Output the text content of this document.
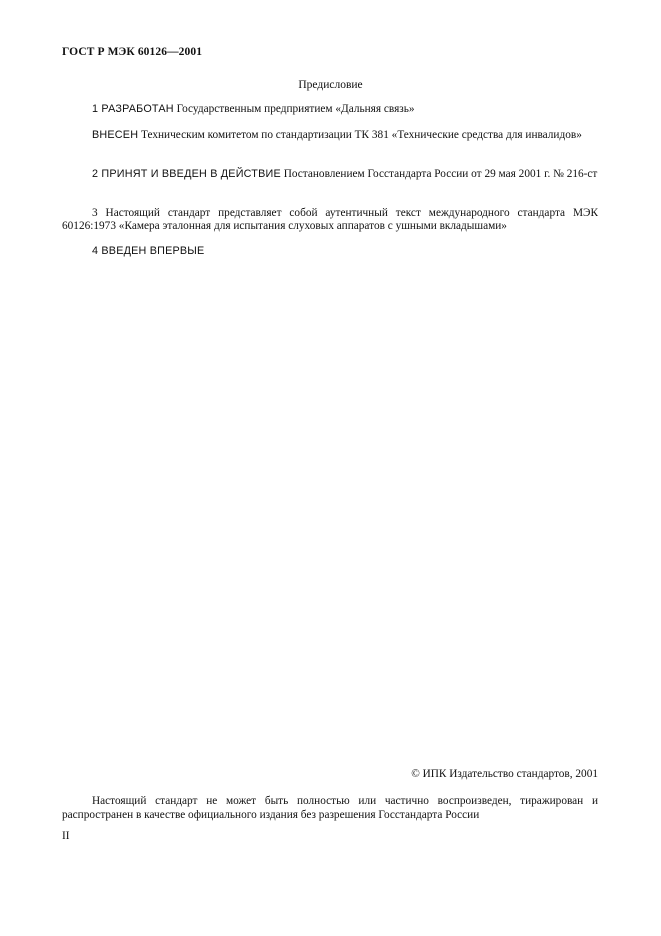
ГОСТ Р МЭК 60126—2001
Предисловие
1 РАЗРАБОТАН Государственным предприятием «Дальняя связь»
ВНЕСЕН Техническим комитетом по стандартизации ТК 381 «Технические средства для инвалидов»
2 ПРИНЯТ И ВВЕДЕН В ДЕЙСТВИЕ Постановлением Госстандарта России от 29 мая 2001 г. № 216-ст
3 Настоящий стандарт представляет собой аутентичный текст международного стандарта МЭК 60126:1973 «Камера эталонная для испытания слуховых аппаратов с ушными вкладышами»
4 ВВЕДЕН ВПЕРВЫЕ
© ИПК Издательство стандартов, 2001
Настоящий стандарт не может быть полностью или частично воспроизведен, тиражирован и распространен в качестве официального издания без разрешения Госстандарта России
II
